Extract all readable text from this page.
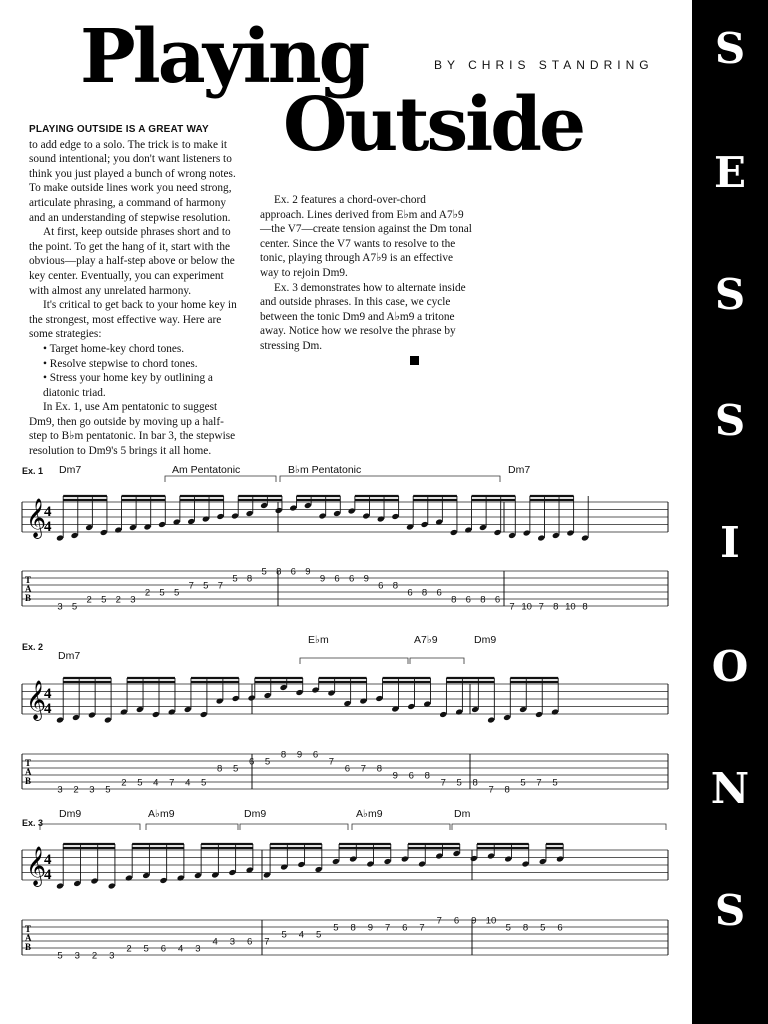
S
E
S
S
I
O
N
S
Playing
Outside
BY CHRIS STANDRING

PLAYING OUTSIDE IS A GREAT WAY
to add edge to a solo. The trick is to make it sound intentional; you don't want listeners to think you just played a bunch of wrong notes. To make outside lines work you need strong, articulate phrasing, a command of harmony and an understanding of stepwise resolution.

At first, keep outside phrases short and to the point. To get the hang of it, start with the obvious—play a half-step above or below the key center. Eventually, you can experiment with almost any unrelated harmony.

It's critical to get back to your home key in the strongest, most effective way. Here are some strategies:

• Target home-key chord tones.
• Resolve stepwise to chord tones.
• Stress your home key by outlining a diatonic triad.

In Ex. 1, use Am pentatonic to suggest Dm9, then go outside by moving up a half-step to B♭m pentatonic. In bar 3, the stepwise resolution to Dm9's 5 brings it all home.

Ex. 2 features a chord-over-chord approach. Lines derived from E♭m and A7♭9—the V7—create tension against the Dm tonal center. Since the V7 wants to resolve to the tonic, playing through A7♭9 is an effective way to rejoin Dm9.

Ex. 3 demonstrates how to alternate inside and outside phrases. In this case, we cycle between the tonic Dm9 and A♭m9 a tritone away. Notice how we resolve the phrase by stressing Dm.

Ex. 1 Dm7	Am Pentatonic	B♭m Pentatonic	Dm7
𝄞
4
4
T
A
B
3 5
2 5 2 3
2 5 5
7 5 7
5 8
5 8 6 9
9 6 6 9
6 8
6 8 6
8 6 8 6
7 10 7 8 10 8
Ex. 2
Dm7
E♭m	A7♭9	Dm9
𝄞
4
4
T
A
B
3 2 3 5
2 5 4 7 4 5
8 5
6 5
8 9 6
7
6 7 8
9 6 8
7 5 8
7 8
5 7 5
Ex. 3
Dm9	A♭m9	Dm9	A♭m9	Dm
𝄞
4
4
T
A
B
5 3 2 3
2 5 6 4 3
4 3 6 7
5 4 5
5 8 9 7 6 7
7 6 9 10
5 8 5 6
